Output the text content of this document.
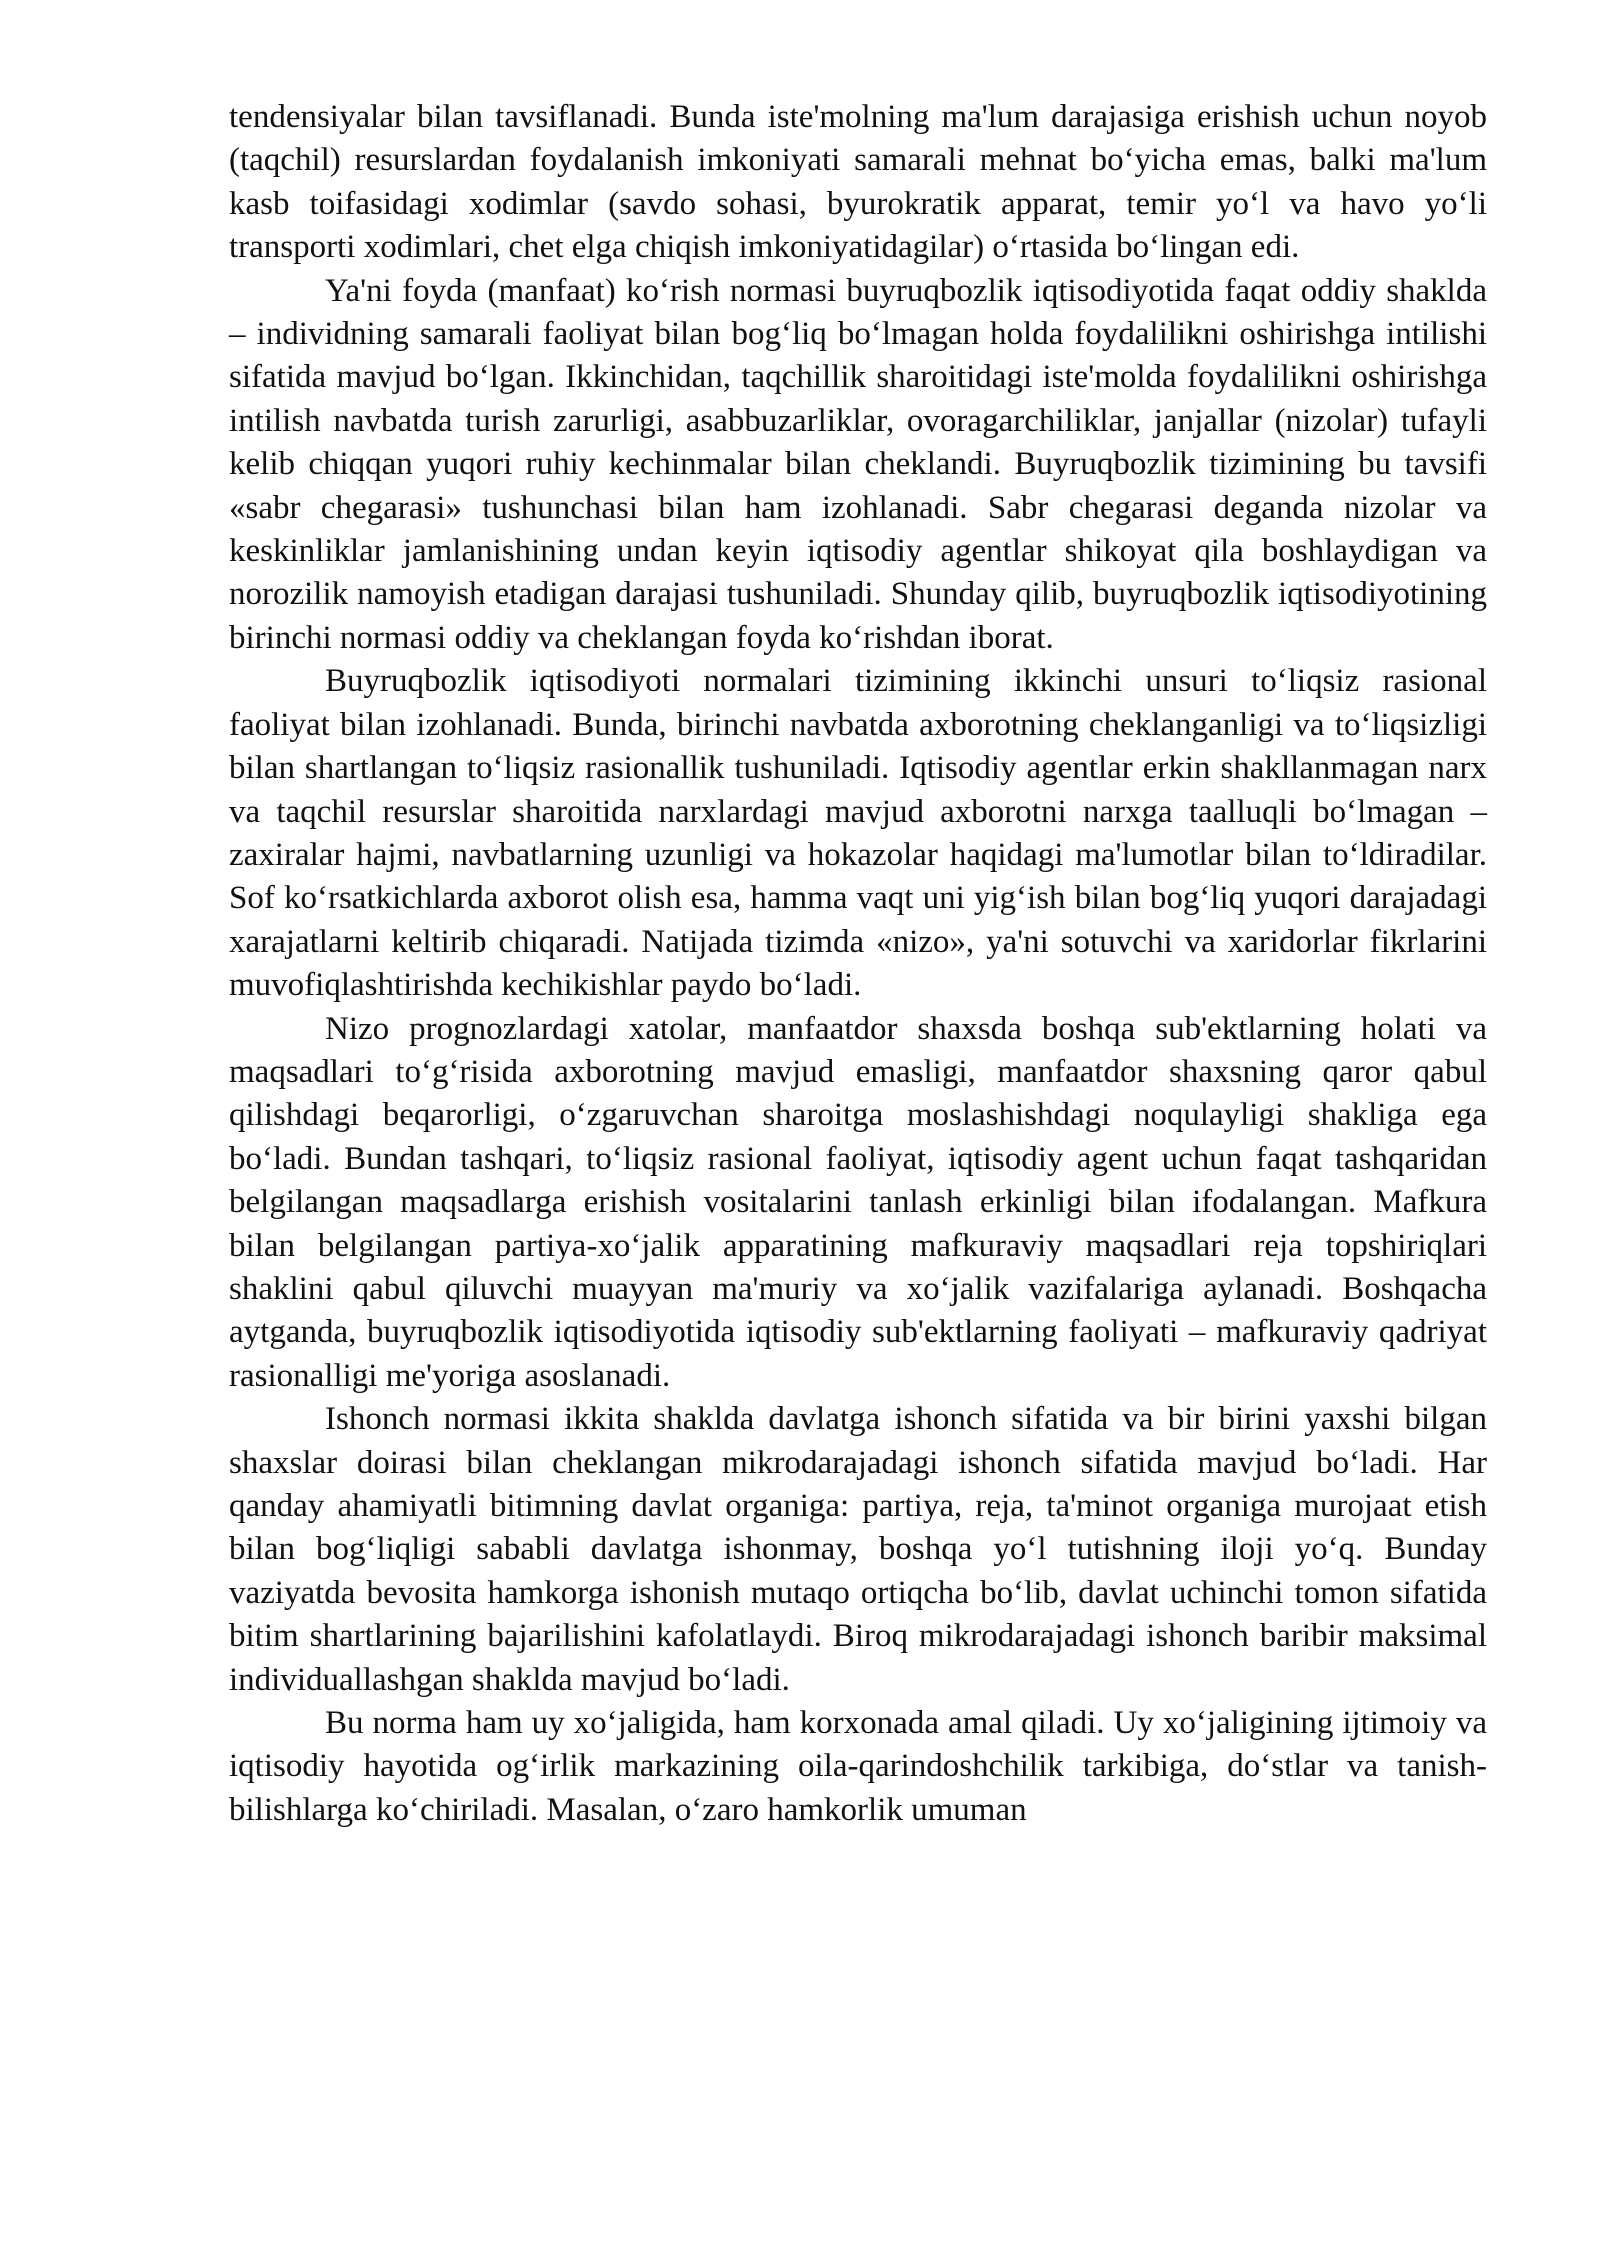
tendensiyalar bilan tavsiflanadi. Bunda iste'molning ma'lum darajasiga erishish uchun noyob (taqchil) resurslardan foydalanish imkoniyati samarali mehnat bo‘yicha emas, balki ma'lum kasb toifasidagi xodimlar (savdo sohasi, byurokratik apparat, temir yo‘l va havo yo‘li transporti xodimlari, chet elga chiqish imkoniyatidagilar) o‘rtasida bo‘lingan edi.

Ya'ni foyda (manfaat) ko‘rish normasi buyruqbozlik iqtisodiyotida faqat oddiy shaklda – individning samarali faoliyat bilan bog‘liq bo‘lmagan holda foydalilikni oshirishga intilishi sifatida mavjud bo‘lgan. Ikkinchidan, taqchillik sharoitidagi iste'molda foydalilikni oshirishga intilish navbatda turish zarurligi, asabbuzarliklar, ovoragarchiliklar, janjallar (nizolar) tufayli kelib chiqqan yuqori ruhiy kechinmalar bilan cheklandi. Buyruqbozlik tizimining bu tavsifi «sabr chegarasi» tushunchasi bilan ham izohlanadi. Sabr chegarasi deganda nizolar va keskinliklar jamlanishining undan keyin iqtisodiy agentlar shikoyat qila boshlaydigan va norozilik namoyish etadigan darajasi tushuniladi. Shunday qilib, buyruqbozlik iqtisodiyotining birinchi normasi oddiy va cheklangan foyda ko‘rishdan iborat.

Buyruqbozlik iqtisodiyoti normalari tizimining ikkinchi unsuri to‘liqsiz rasional faoliyat bilan izohlanadi. Bunda, birinchi navbatda axborotning cheklanganligi va to‘liqsizligi bilan shartlangan to‘liqsiz rasionallik tushuniladi. Iqtisodiy agentlar erkin shakllanmagan narx va taqchil resurslar sharoitida narxlardagi mavjud axborotni narxga taalluqli bo‘lmagan – zaxiralar hajmi, navbatlarning uzunligi va hokazolar haqidagi ma'lumotlar bilan to‘ldiradilar. Sof ko‘rsatkichlarda axborot olish esa, hamma vaqt uni yig‘ish bilan bog‘liq yuqori darajadagi xarajatlarni keltirib chiqaradi. Natijada tizimda «nizo», ya'ni sotuvchi va xaridorlar fikrlarini muvofiqlashtirishda kechikishlar paydo bo‘ladi.

Nizo prognozlardagi xatolar, manfaatdor shaxsda boshqa sub'ektlarning holati va maqsadlari to‘g‘risida axborotning mavjud emasligi, manfaatdor shaxsning qaror qabul qilishdagi beqarorligi, o‘zgaruvchan sharoitga moslashishdagi noqulayligi shakliga ega bo‘ladi. Bundan tashqari, to‘liqsiz rasional faoliyat, iqtisodiy agent uchun faqat tashqaridan belgilangan maqsadlarga erishish vositalarini tanlash erkinligi bilan ifodalangan. Mafkura bilan belgilangan partiya-xo‘jalik apparatining mafkuraviy maqsadlari reja topshiriqlari shaklini qabul qiluvchi muayyan ma'muriy va xo‘jalik vazifalariga aylanadi. Boshqacha aytganda, buyruqbozlik iqtisodiyotida iqtisodiy sub'ektlarning faoliyati – mafkuraviy qadriyat rasionalligi me'yoriga asoslanadi.

Ishonch normasi ikkita shaklda davlatga ishonch sifatida va bir birini yaxshi bilgan shaxslar doirasi bilan cheklangan mikrodarajadagi ishonch sifatida mavjud bo‘ladi. Har qanday ahamiyatli bitimning davlat organiga: partiya, reja, ta'minot organiga murojaat etish bilan bog‘liqligi sababli davlatga ishonmay, boshqa yo‘l tutishning iloji yo‘q. Bunday vaziyatda bevosita hamkorga ishonish mutaqo ortiqcha bo‘lib, davlat uchinchi tomon sifatida bitim shartlarining bajarilishini kafolatlaydi. Biroq mikrodarajadagi ishonch baribir maksimal individuallashgan shaklda mavjud bo‘ladi.

Bu norma ham uy xo‘jaligida, ham korxonada amal qiladi. Uy xo‘jaligining ijtimoiy va iqtisodiy hayotida og‘irlik markazining oila-qarindoshchilik tarkibiga, do‘stlar va tanish-bilishlarga ko‘chiriladi. Masalan, o‘zaro hamkorlik umuman
